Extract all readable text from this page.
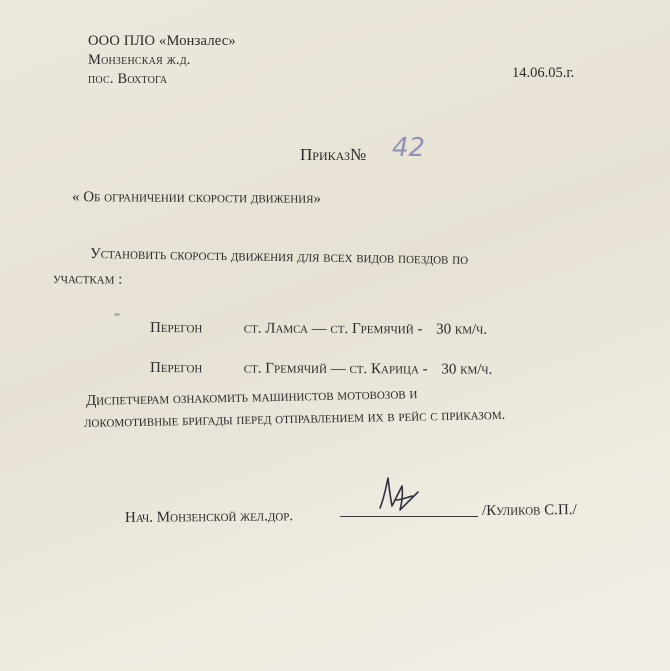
ООО ПЛО «Монзалес»
Монзенская ж.д.
пос. Вохтога	14.06.05.г.
Приказ№ 42
« Об ограничении скорости движения»
Установить скорость движения для всех видов поездов по
участкам :
Перегон	ст. Ламса — ст. Гремячий - 30 км/ч.
Перегон	ст. Гремячий — ст. Карица - 30 км/ч.
Диспетчерам ознакомить машинистов мотовозов и
локомотивные бригады перед отправлением их в рейс с приказом.
Нач. Монзенской жел.дор.	/Куликов С.П./
